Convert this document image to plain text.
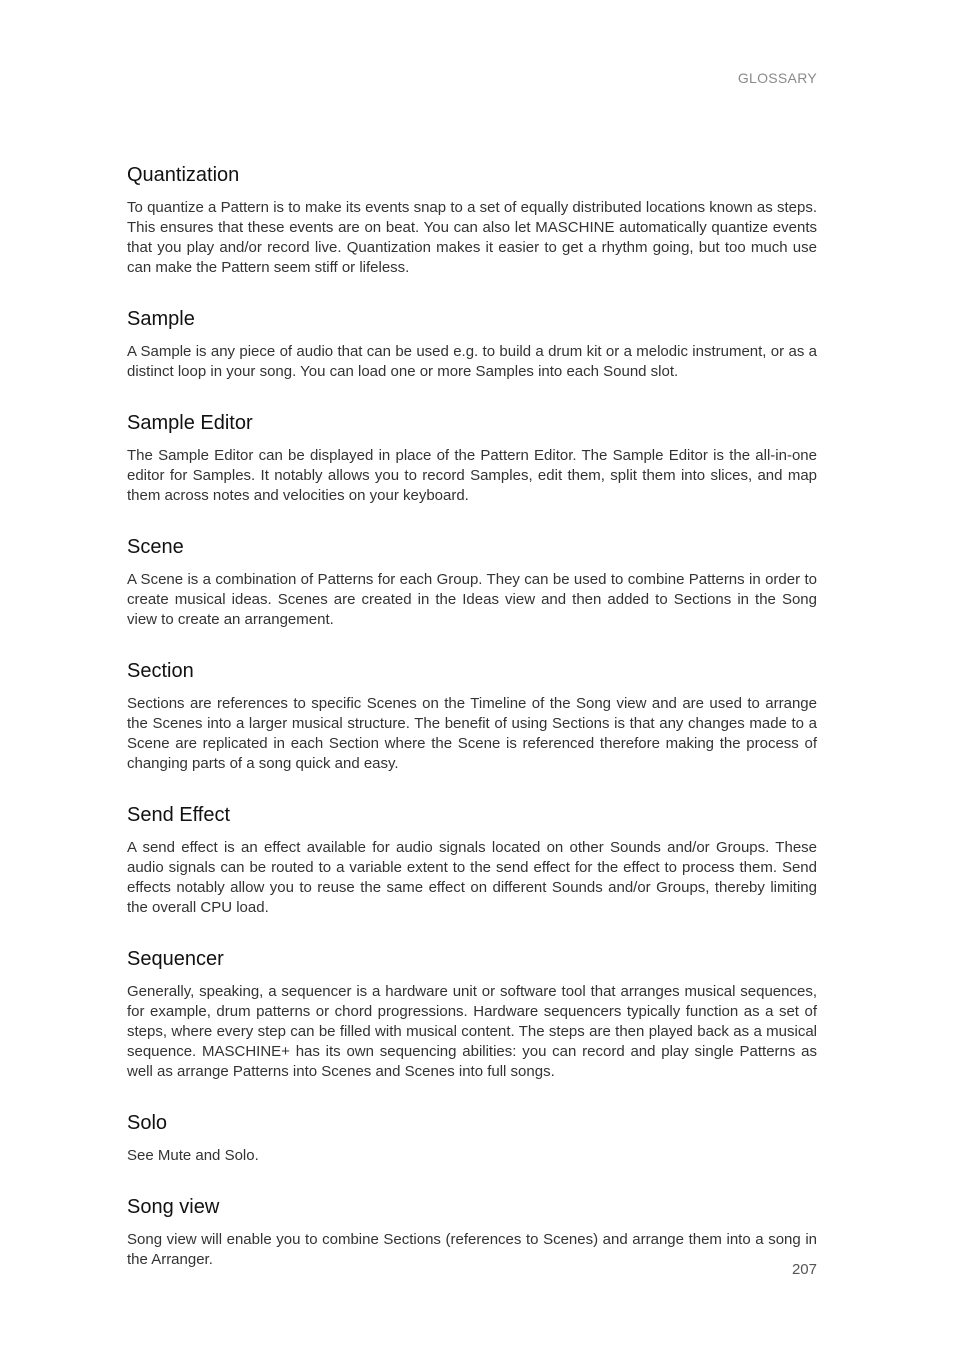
GLOSSARY
Quantization

To quantize a Pattern is to make its events snap to a set of equally distributed locations known as steps. This ensures that these events are on beat. You can also let MASCHINE automatically quantize events that you play and/or record live. Quantization makes it easier to get a rhythm going, but too much use can make the Pattern seem stiff or lifeless.

Sample

A Sample is any piece of audio that can be used e.g. to build a drum kit or a melodic instrument, or as a distinct loop in your song. You can load one or more Samples into each Sound slot.

Sample Editor

The Sample Editor can be displayed in place of the Pattern Editor. The Sample Editor is the all-in-one editor for Samples. It notably allows you to record Samples, edit them, split them into slices, and map them across notes and velocities on your keyboard.

Scene

A Scene is a combination of Patterns for each Group. They can be used to combine Patterns in order to create musical ideas. Scenes are created in the Ideas view and then added to Sections in the Song view to create an arrangement.

Section

Sections are references to specific Scenes on the Timeline of the Song view and are used to arrange the Scenes into a larger musical structure. The benefit of using Sections is that any changes made to a Scene are replicated in each Section where the Scene is referenced therefore making the process of changing parts of a song quick and easy.

Send Effect

A send effect is an effect available for audio signals located on other Sounds and/or Groups. These audio signals can be routed to a variable extent to the send effect for the effect to process them. Send effects notably allow you to reuse the same effect on different Sounds and/or Groups, thereby limiting the overall CPU load.

Sequencer

Generally, speaking, a sequencer is a hardware unit or software tool that arranges musical sequences, for example, drum patterns or chord progressions. Hardware sequencers typically function as a set of steps, where every step can be filled with musical content. The steps are then played back as a musical sequence. MASCHINE+ has its own sequencing abilities: you can record and play single Patterns as well as arrange Patterns into Scenes and Scenes into full songs.

Solo

See Mute and Solo.

Song view

Song view will enable you to combine Sections (references to Scenes) and arrange them into a song in the Arranger.

207
